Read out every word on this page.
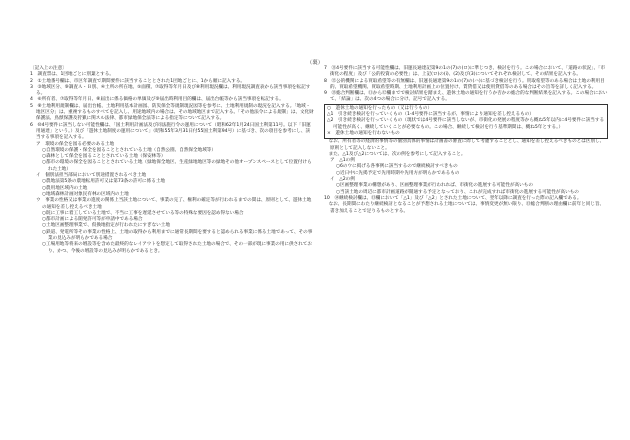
（裏）

〔記入上の注意〕

1　調査票は、1団地ごとに別葉とする。

2　①土地番号欄は、市区年調査で期間要件に該当することとされた1団地ごとに、1から順に記入する。

3　③地域区分、⑨調査Ａ・Ｂ別、④土所の所在地、⑤面積、⑦取得等年月日及び⑧利用現況欄は、利用現況調査表から該当事項を転記する。

4　⑥所有者、⑦取得等年月日、⑧届出に係る価格の単価及び⑨届出時利用目的欄は、届出台帳等から該当事項を転記する。

5　⑧土地利用規制欄は、届出台帳、土地利用基本計画図、防災保全等規制現況図等を参考に、土地利用規制の現況を記入する。「地域・地区区分」は、重複するものすべてを記入し、用途地域内の場合は、その地域地区まで記入する。「その他法令による規制」は、文化財保護法、鳥獣保護及狩猟に関スル法律、都市緑地保全法等による指定等について記入する。

6　⑩4号要件に該当しない可能性欄は、「国土利用計画法及び同法施行令の運用について（昭和62年1月24日国土利第11号。以下「旧運用通達」という。）及び「遊休土地制度の運用について」（昭和55年3月31日付55国土利第94号）に基づき、次の項目を参考にし、該当する事項を記入する。

ア　環境の保全を図る必要のある土地

○自然環境の保護・保全を図ることとされている土地（自然公園、自然保全地域等）

○森林として保全を図ることとされている土地（保安林等）

○都市の環境の保全を図ることとされている土地（緑地保全地区、生産緑地地区等の緑地その他オープンスペースとして位置付けられた土地）

イ　個別法担当部局において別途措置されるべき土地

○農地法第5条の農地転用許可又は第73条の許可に係る土地

○農用地区域内の土地

○地域森林計画対象民有林の区域内の土地

ウ　事業の性格又は事業の進度の関係上当該土地について、事業の完了、権利の確定等が行われるまでの間は、原則として、遊休土地の通知を差し控えるべき土地

○既に工事に着工している土地で、不当に工事を遅延させている等の特殊な要因を認め得ない場合

○都市計画による開発許可等が申請中である場合

○土地区画整理事業で、仮換地指定が行われたにすぎない土地

○鉄道、発電所等その事業の性格上、土地の取得から利用までに通常長期間を要すると認められる事業に係る土地であって、その事業の見込みが明らかである場合

○工場用地等将来の増設等を含めた最終的なレイアウトを想定して取得された土地の場合で、その一部が現に事業の用に供されており、かつ、今後の増設等の見込みが明らかであるとき。

7　⑪4号要件に該当する可能性欄は、旧運長通達記第9の1の(7)の(ロ)に準じつき、検討を行う。この場合において、「道路の状況」、「市街化の程度」及び「公的投資の必要性」は、上記(ロ)の(i)、(2)及び(3)についてそれぞれ検討して、その結果を記入する。

8　⑫公的機関による買取希望等の有無欄は、旧運長通達第9の1の(7)の(ハ)に基づき検討を行う。買取希望等のある場合は土地の利用目的、買取希望機関、買取希望時期、土地利用計画上の位置付け、賃貸借又は使用貸借等のある場合はその旨等を詳しく記入する。

9　⑬総合判断欄は、⑪から⑫欄までで検討結果を踏まえ、遊休土地の通知を行うか否かの総合的な判断結果を記入する。この場合において、「結論」は、次の4つの場合に分け、記号で記入する。

○　遊休土地の通知を行ったもの（又は行うもの）

△1　引き続き検討を行っていくもの（1-4号要件に該当するが、事情により通知を差し控えるもの）

△2　引き続き検討を行っていくもの（現状では4号要件に該当しないが、市街化の発展の程度等から概ね5年以内に4号要件に該当する可能性が高く、継続していくことが必要なもの。この場合、継続して検討を行う基準期間は、概ね5年とする。）

×　遊休土地の通知を行わないもの

　なお、所有者等の経済的事情等の個別具体的事情は計画書の審査に際して考慮することとし、通知を差し控えるべきものとは区別し、原則として記入しないこと。

　また、△1及び△2については、次の例を参考にして記入すること。

ア　△1の例

○6のウに掲げる各事例に該当するので継続検討すべきもの

○近日中に先掲予定で先用時期や先用方が明らかであるもの

イ　△2の例

○区画整理事業の構想があり、区画整理事業が行われれば、市街化の進展する可能性が高いもの

○当該土地の周辺に都市計画道路が開通する予定となっており、これが完成すれば市街化の進展する可能性が高いもの

10　⑭継続検討欄は、⑬欄において「△1」及び「△2」とされた土地について、翌年以降に調査を行った際の記入欄である。

　なお、長期間にわたり継続検討となることが予想される土地については、事情変更が無い限り、⑬総合判断の理由欄に前年と同じ旨、書き加えることで足りるものとする。
